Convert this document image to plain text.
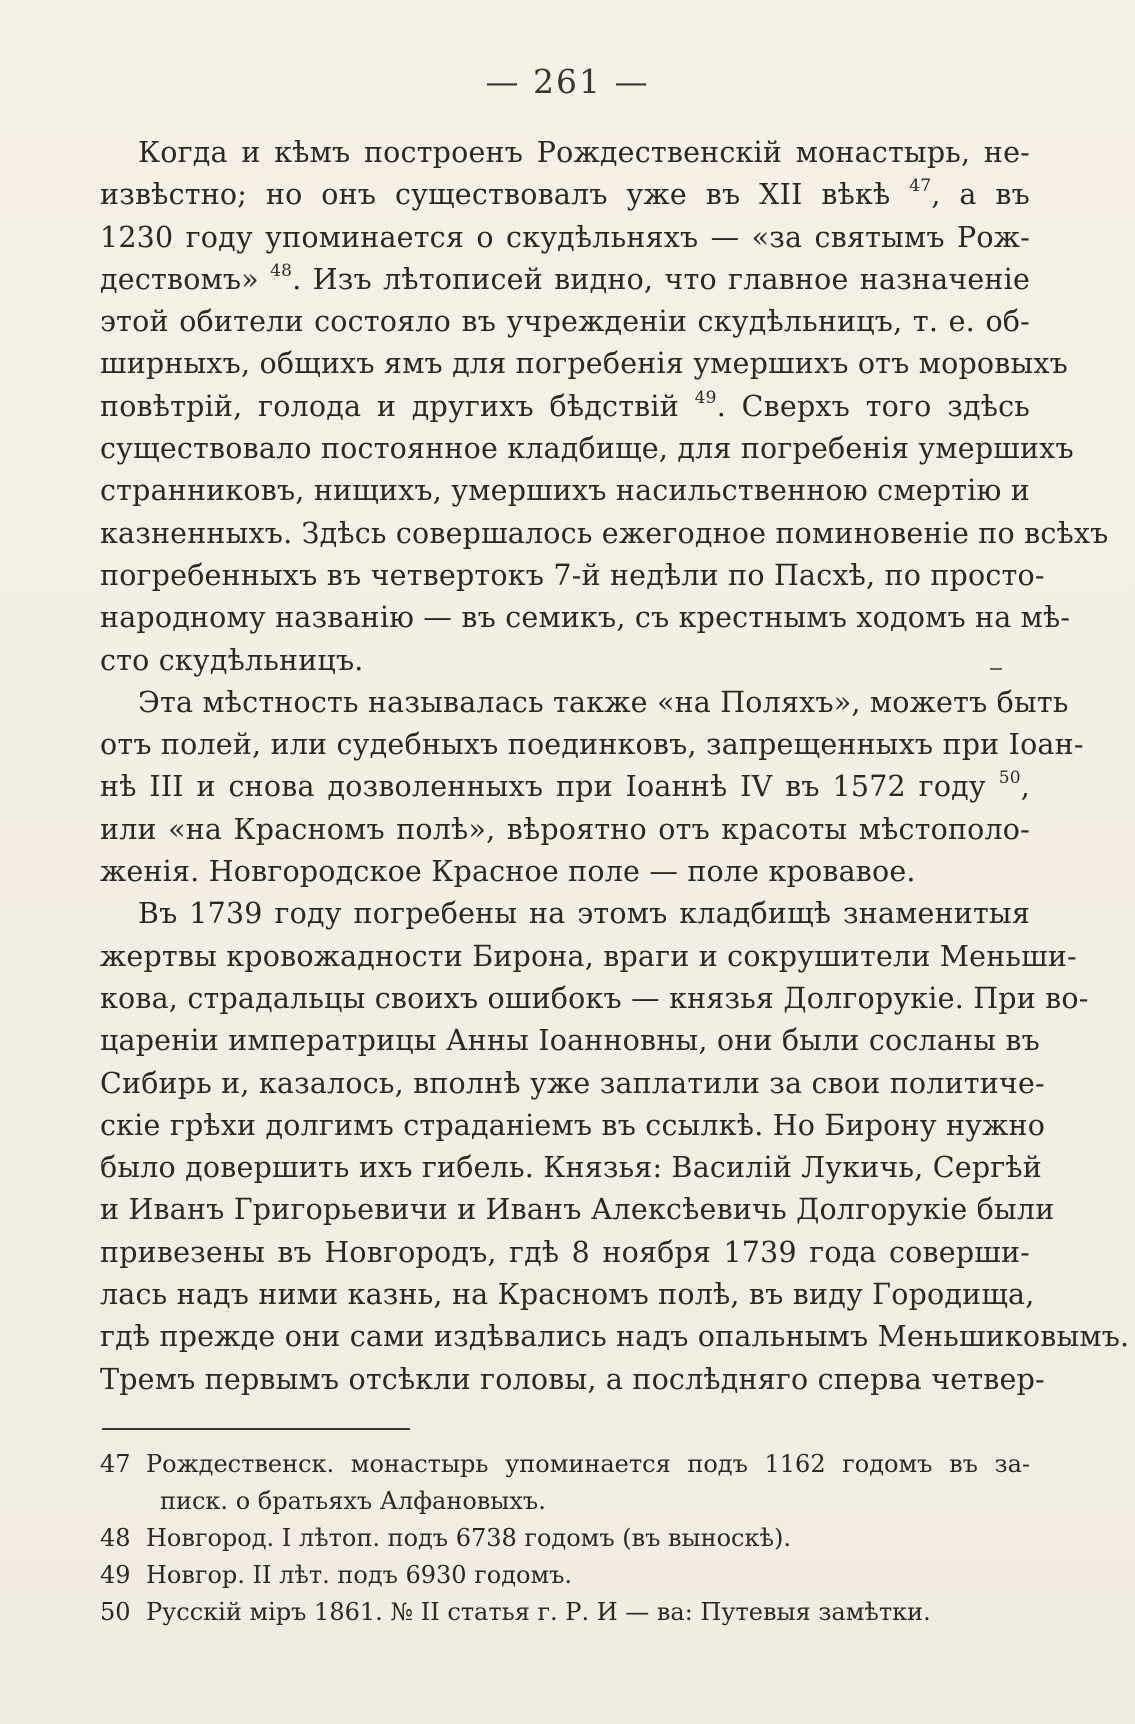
— 261 —
Когда и кѣмъ построенъ Рождественскій монастырь, не-
извѣстно; но онъ существовалъ уже въ XII вѣкѣ $^{47}$, а въ
1230 году упоминается о скудѣльняхъ — «за святымъ Рож-
дествомъ» $^{48}$. Изъ лѣтописей видно, что главное назначеніе
этой обители состояло въ учрежденіи скудѣльницъ, т. е. об-
ширныхъ, общихъ ямъ для погребенія умершихъ отъ моровыхъ
повѣтрій, голода и другихъ бѣдствій $^{49}$. Сверхъ того здѣсь
существовало постоянное кладбище, для погребенія умершихъ
странниковъ, нищихъ, умершихъ насильственною смертію и
казненныхъ. Здѣсь совершалось ежегодное поминовеніе по всѣхъ
погребенныхъ въ четвертокъ 7-й недѣли по Пасхѣ, по просто-
народному названію — въ семикъ, съ крестнымъ ходомъ на мѣ-
сто скудѣльницъ.
Эта мѣстность называлась также «на Поляхъ», можетъ быть
отъ полей, или судебныхъ поединковъ, запрещенныхъ при Іоан-
нѣ III и снова дозволенныхъ при Іоаннѣ IV въ 1572 году $^{50}$,
или «на Красномъ полѣ», вѣроятно отъ красоты мѣстополо-
женія. Новгородское Красное поле — поле кровавое.
Въ 1739 году погребены на этомъ кладбищѣ знаменитыя
жертвы кровожадности Бирона, враги и сокрушители Меньши-
кова, страдальцы своихъ ошибокъ — князья Долгорукіе. При во-
цареніи императрицы Анны Іоанновны, они были сосланы въ
Сибирь и, казалось, вполнѣ уже заплатили за свои политиче-
скіе грѣхи долгимъ страданіемъ въ ссылкѣ. Но Бирону нужно
было довершить ихъ гибель. Князья: Василій Лукичь, Сергѣй
и Иванъ Григорьевичи и Иванъ Алексѣевичь Долгорукіе были
привезены въ Новгородъ, гдѣ 8 ноября 1739 года соверши-
лась надъ ними казнь, на Красномъ полѣ, въ виду Городища,
гдѣ прежде они сами издѣвались надъ опальнымъ Меньшиковымъ.
Тремъ первымъ отсѣкли головы, а послѣдняго сперва четвер-
47 Рождественск. монастырь упоминается подъ 1162 годомъ въ за-
писк. о братьяхъ Алфановыхъ.
48 Новгород. I лѣтоп. подъ 6738 годомъ (въ выноскѣ).
49 Новгор. II лѣт. подъ 6930 годомъ.
50 Русскій міръ 1861. № II статья г. Р. И — ва: Путевыя замѣтки.
